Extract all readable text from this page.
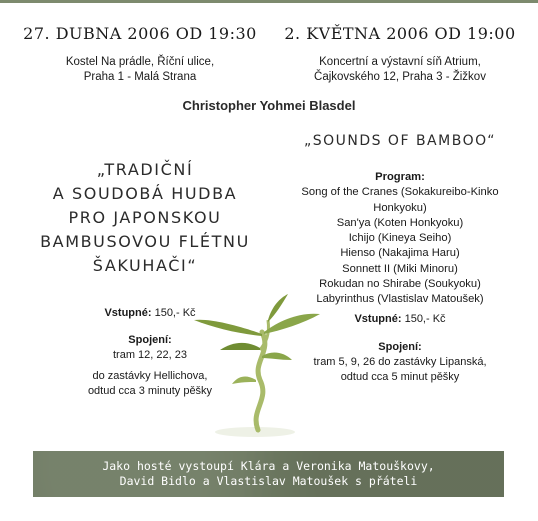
27. DUBNA 2006 OD 19:30
Kostel Na prádle, Říční ulice,
Praha 1 - Malá Strana
2. KVĚTNA 2006 OD 19:00
Koncertní a výstavní síň Atrium,
Čajkovského 12, Praha 3 - Žižkov
Christopher Yohmei Blasdel
„TRADIČNÍ
A SOUDOBÁ HUDBA
PRO JAPONSKOU
BAMBUSOVOU FLÉTNU
ŠAKUHAČI“
„SOUNDS OF BAMBOO“
Program:
Song of the Cranes (Sokakureibo-Kinko
Honkyoku)
San'ya (Koten Honkyoku)
Ichijo (Kineya Seiho)
Hienso (Nakajima Haru)
Sonnett II (Miki Minoru)
Rokudan no Shirabe (Soukyoku)
Labyrinthus (Vlastislav Matoušek)
Vstupné: 150,- Kč
Spojení:
tram 12, 22, 23
do zastávky Hellichova,
odtud cca 3 minuty pěšky
Vstupné: 150,- Kč
Spojení:
tram 5, 9, 26 do zastávky Lipanská,
odtud cca 5 minut pěšky
Jako hosté vystoupí Klára a Veronika Matouškovy,
David Bidlo a Vlastislav Matoušek s přáteli
